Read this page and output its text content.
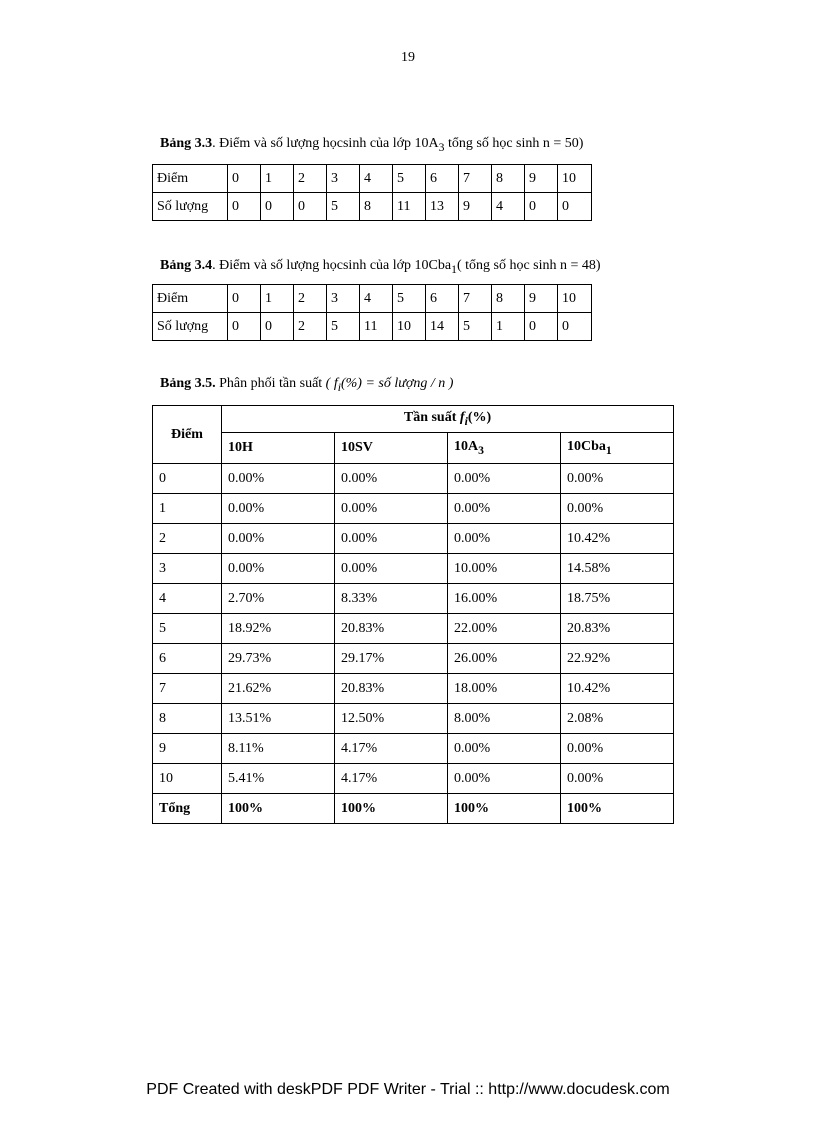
19
Bảng 3.3. Điểm và số lượng họcsinh của lớp $10A_3$ tổng số học sinh n = 50)
Điểm	0	1	2	3	4	5	6	7	8	9	10
Số lượng	0	0	0	5	8	11	13	9	4	0	0
Bảng 3.4. Điểm và số lượng họcsinh của lớp 10Cba$_1$( tổng số học sinh n = 48)
Điểm	0	1	2	3	4	5	6	7	8	9	10
Số lượng	0	0	2	5	11	10	14	5	1	0	0
Bảng 3.5. Phân phối tần suất ( $f_i(\%)$ = số lượng / n )
Điểm	Tần suất $f_i(\%)$			
	10H	10SV	$10A_3$	10Cba$_1$
0	0.00%	0.00%	0.00%	0.00%
1	0.00%	0.00%	0.00%	0.00%
2	0.00%	0.00%	0.00%	10.42%
3	0.00%	0.00%	10.00%	14.58%
4	2.70%	8.33%	16.00%	18.75%
5	18.92%	20.83%	22.00%	20.83%
6	29.73%	29.17%	26.00%	22.92%
7	21.62%	20.83%	18.00%	10.42%
8	13.51%	12.50%	8.00%	2.08%
9	8.11%	4.17%	0.00%	0.00%
10	5.41%	4.17%	0.00%	0.00%
Tổng	100%	100%	100%	100%
PDF Created with deskPDF PDF Writer - Trial :: http://www.docudesk.com
